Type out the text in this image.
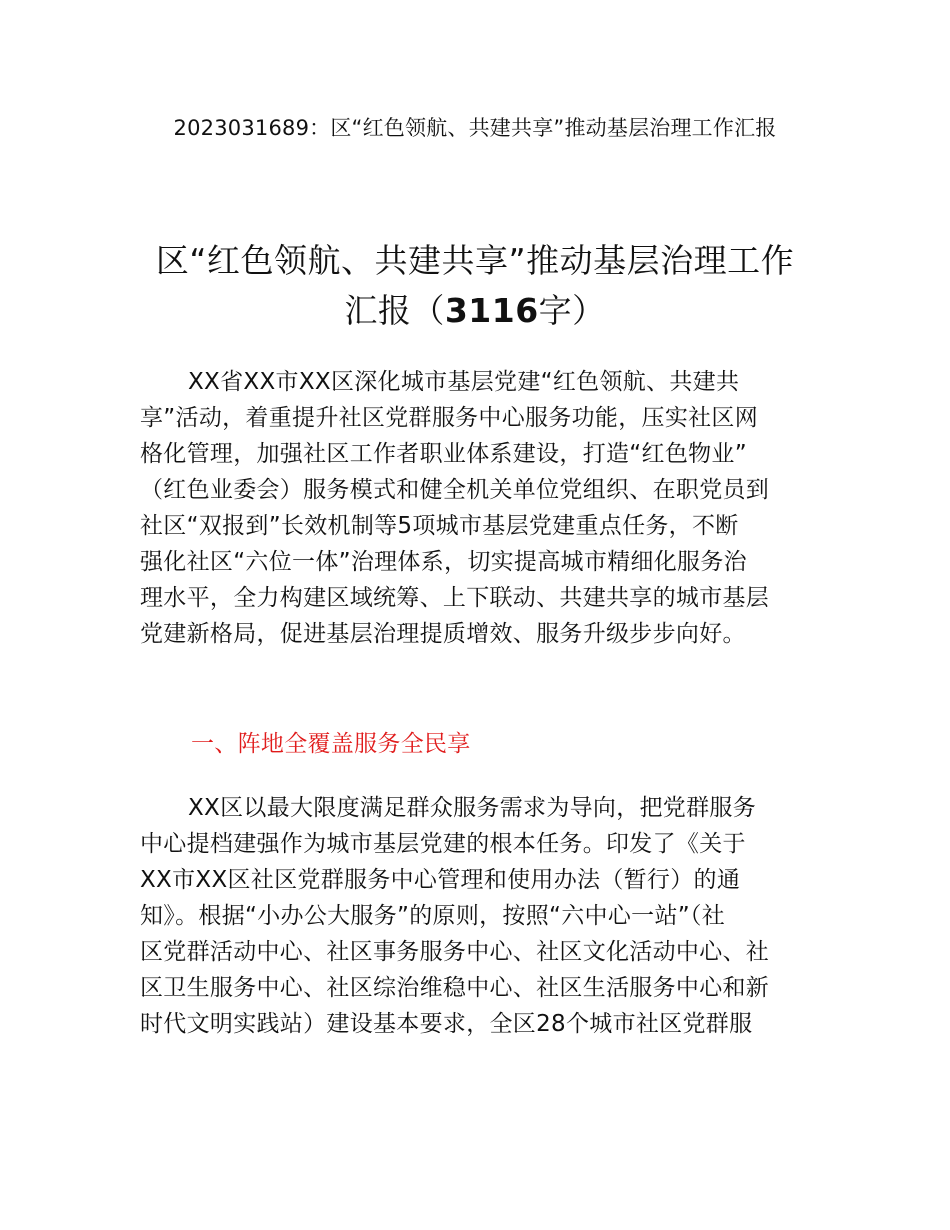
2023031689：区“红色领航、共建共享”推动基层治理工作汇报
区“红色领航、共建共享”推动基层治理工作
汇报（3116字）
XX省XX市XX区深化城市基层党建“红色领航、共建共
享”活动，着重提升社区党群服务中心服务功能，压实社区网
格化管理，加强社区工作者职业体系建设，打造“红色物业”
（红色业委会）服务模式和健全机关单位党组织、在职党员到
社区“双报到”长效机制等5项城市基层党建重点任务，不断
强化社区“六位一体”治理体系，切实提高城市精细化服务治
理水平，全力构建区域统筹、上下联动、共建共享的城市基层
党建新格局，促进基层治理提质增效、服务升级步步向好。
一、阵地全覆盖服务全民享
XX区以最大限度满足群众服务需求为导向，把党群服务
中心提档建强作为城市基层党建的根本任务。印发了《关于
XX市XX区社区党群服务中心管理和使用办法（暂行）的通
知》。根据“小办公大服务”的原则，按照“六中心一站”（社
区党群活动中心、社区事务服务中心、社区文化活动中心、社
区卫生服务中心、社区综治维稳中心、社区生活服务中心和新
时代文明实践站）建设基本要求，全区28个城市社区党群服
